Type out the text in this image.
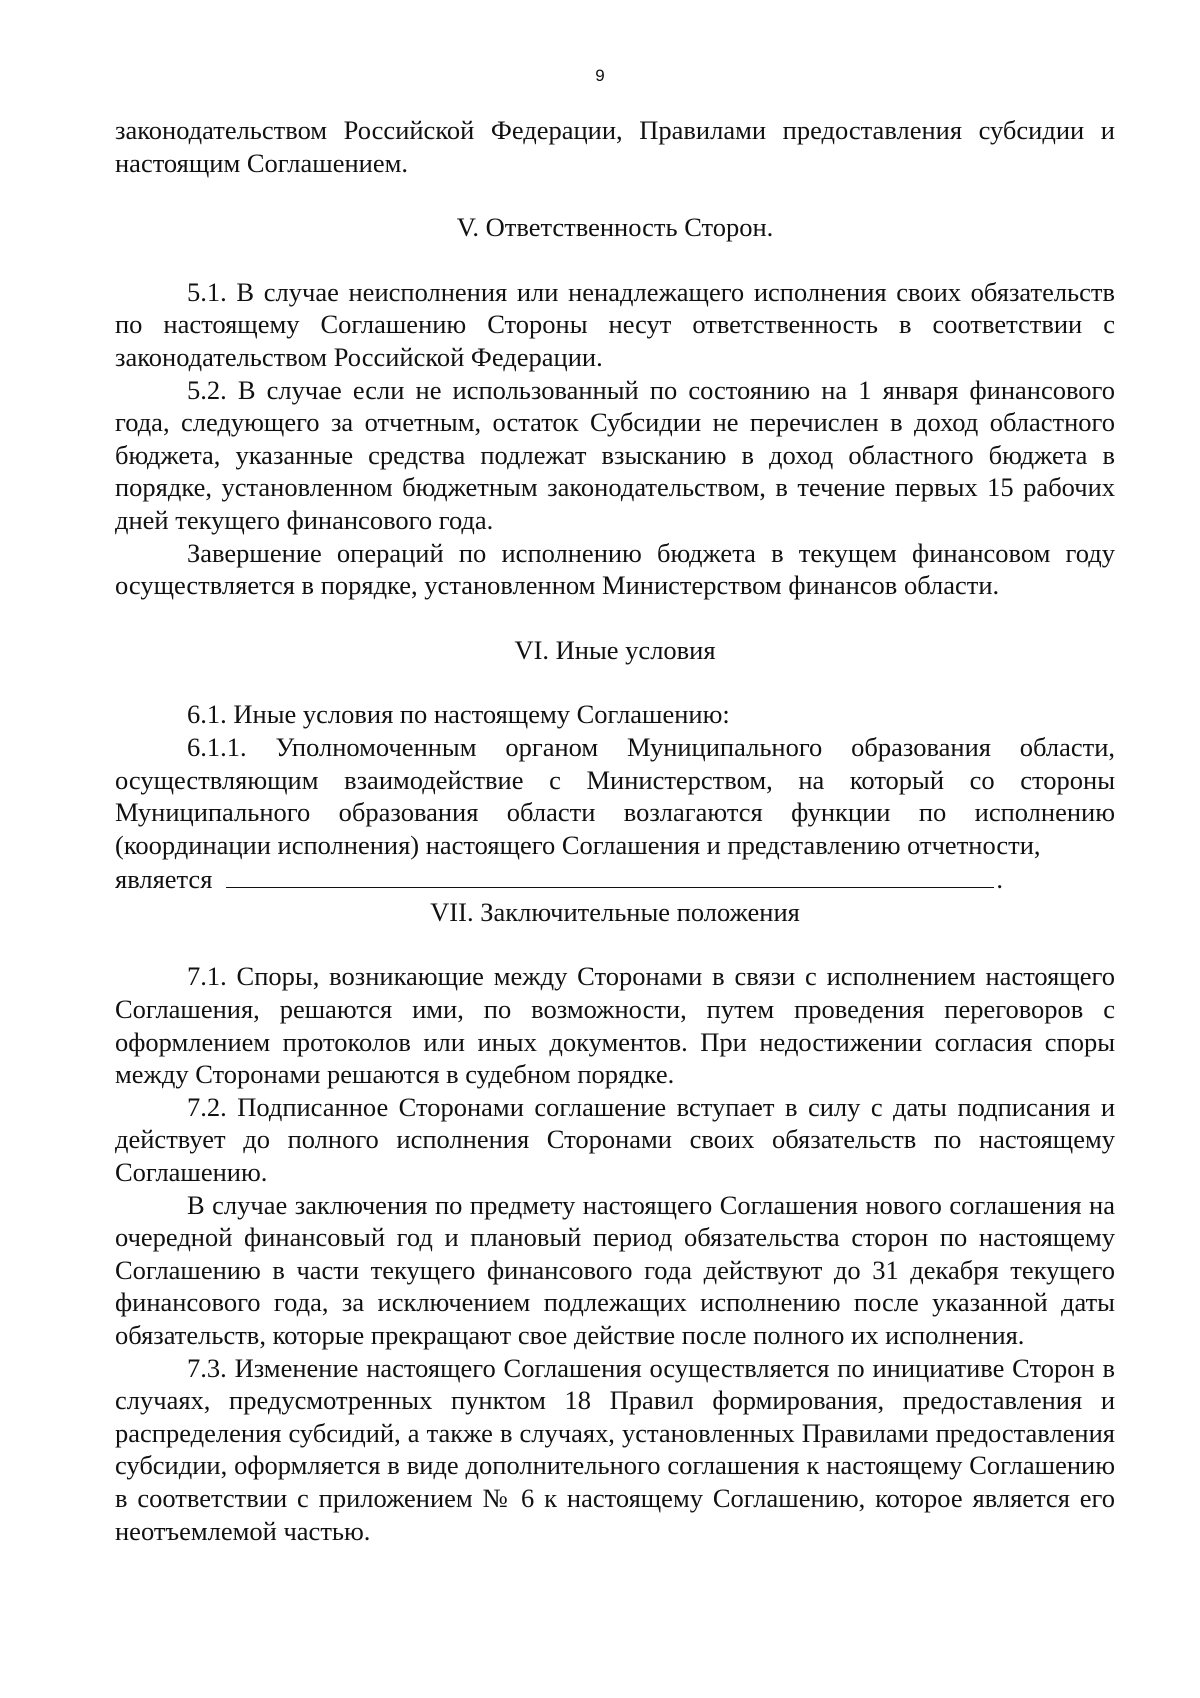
9

законодательством Российской Федерации, Правилами предоставления субсидии и настоящим Соглашением.

V. Ответственность Сторон.

5.1. В случае неисполнения или ненадлежащего исполнения своих обязательств по настоящему Соглашению Стороны несут ответственность в соответствии с законодательством Российской Федерации.

5.2. В случае если не использованный по состоянию на 1 января финансового года, следующего за отчетным, остаток Субсидии не перечислен в доход областного бюджета, указанные средства подлежат взысканию в доход областного бюджета в порядке, установленном бюджетным законодательством, в течение первых 15 рабочих дней текущего финансового года.

Завершение операций по исполнению бюджета в текущем финансовом году осуществляется в порядке, установленном Министерством финансов области.

VI. Иные условия

6.1. Иные условия по настоящему Соглашению:

6.1.1. Уполномоченным органом Муниципального образования области, осуществляющим взаимодействие с Министерством, на который со стороны Муниципального образования области возлагаются функции по исполнению (координации исполнения) настоящего Соглашения и представлению отчетности,

является	.

VII. Заключительные положения

7.1. Споры, возникающие между Сторонами в связи с исполнением настоящего Соглашения, решаются ими, по возможности, путем проведения переговоров с оформлением протоколов или иных документов. При недостижении согласия споры между Сторонами решаются в судебном порядке.

7.2. Подписанное Сторонами соглашение вступает в силу с даты подписания и действует до полного исполнения Сторонами своих обязательств по настоящему Соглашению.

В случае заключения по предмету настоящего Соглашения нового соглашения на очередной финансовый год и плановый период обязательства сторон по настоящему Соглашению в части текущего финансового года действуют до 31 декабря текущего финансового года, за исключением подлежащих исполнению после указанной даты обязательств, которые прекращают свое действие после полного их исполнения.

7.3. Изменение настоящего Соглашения осуществляется по инициативе Сторон в случаях, предусмотренных пунктом 18 Правил формирования, предоставления и распределения субсидий, а также в случаях, установленных Правилами предоставления субсидии, оформляется в виде дополнительного соглашения к настоящему Соглашению в соответствии с приложением № 6 к настоящему Соглашению, которое является его неотъемлемой частью.
